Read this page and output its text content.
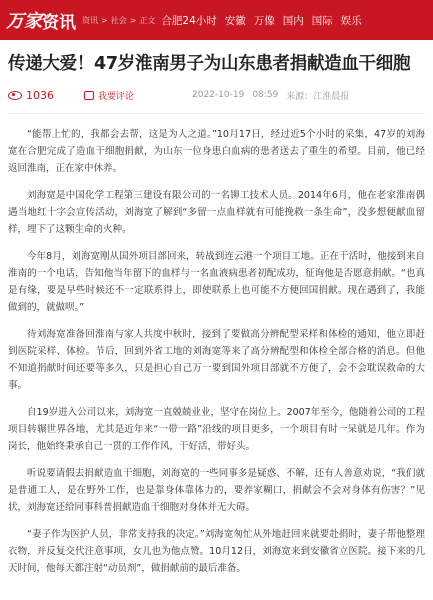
万家 资讯 资讯 > 社会 > 正文 合肥24小时 安徽 万像 国内 国际 娱乐
传递大爱！47岁淮南男子为山东患者捐献造血干细胞
1036	我要评论	2022-10-19 08:59 来源：江淮晨报

“能帮上忙的，我都会去帮，这是为人之道。”10月17日，经过近5个小时的采集，47岁的刘海宽在合肥完成了造血干细胞捐献，为山东一位身患白血病的患者送去了重生的希望。目前，他已经返回淮南，正在家中休养。

刘海宽是中国化学工程第三建设有限公司的一名铆工技术人员。2014年6月，他在老家淮南偶遇当地红十字会宣传活动，刘海宽了解到“多留一点血样就有可能挽救一条生命”，没多想便献血留样，埋下了这颗生命的火种。

今年8月，刘海宽刚从国外项目部回来，转战到连云港一个项目工地。正在干活时，他接到来自淮南的一个电话，告知他当年留下的血样与一名血液病患者初配成功，征询他是否愿意捐献。“也真是有缘，要是早些时候还不一定联系得上，即使联系上也可能不方便回国捐献。现在遇到了，我能做到的，就做呗。”

待刘海宽准备回淮南与家人共度中秋时，接到了要做高分辨配型采样和体检的通知，他立即赶到医院采样、体检。节后，回到外省工地的刘海宽等来了高分辨配型和体检全部合格的消息。但他不知道捐献时间还要等多久，只是担心自己万一要到国外项目部就不方便了，会不会耽误救命的大事。

自19岁进入公司以来，刘海宽一直兢兢业业，坚守在岗位上。2007年至今，他随着公司的工程项目转辗世界各地，尤其是近年来“一带一路”沿线的项目更多，一个项目有时一呆就是几年。作为岗长，他始终秉承自己一贯的工作作风，干好活，带好头。

听说要请假去捐献造血干细胞，刘海宽的一些同事多是疑惑、不解，还有人善意劝说，“我们就是普通工人，是在野外工作，也是靠身体靠体力的，要养家糊口，捐献会不会对身体有伤害？”见状，刘海宽还给同事科普捐献造血干细胞对身体并无大碍。

“妻子作为医护人员，非常支持我的决定。”刘海宽匆忙从外地赶回来就要赴捐时，妻子帮他整理衣物，并反复交代注意事项，女儿也为他点赞。10月12日，刘海宽来到安徽省立医院。接下来的几天时间，他每天都注射“动员剂”，做捐献前的最后准备。
